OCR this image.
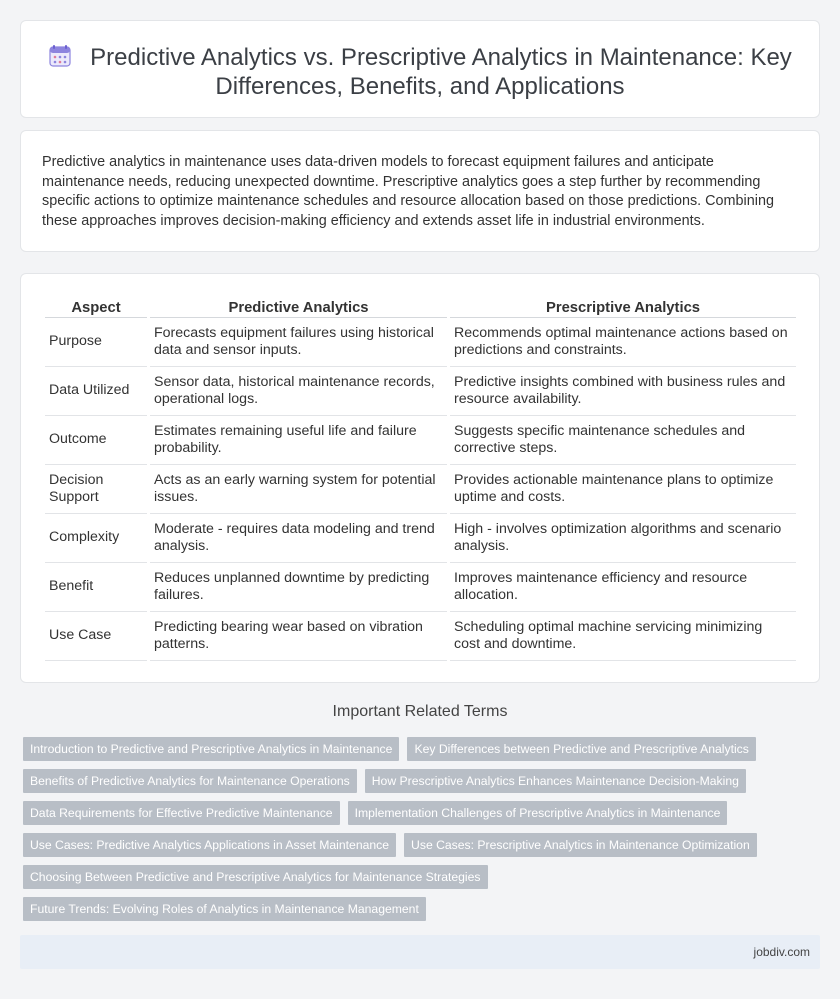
Predictive Analytics vs. Prescriptive Analytics in Maintenance: Key Differences, Benefits, and Applications

Predictive analytics in maintenance uses data-driven models to forecast equipment failures and anticipate maintenance needs, reducing unexpected downtime. Prescriptive analytics goes a step further by recommending specific actions to optimize maintenance schedules and resource allocation based on those predictions. Combining these approaches improves decision-making efficiency and extends asset life in industrial environments.

Aspect	Predictive Analytics	Prescriptive Analytics
Purpose	Forecasts equipment failures using historical data and sensor inputs.	Recommends optimal maintenance actions based on predictions and constraints.
Data Utilized	Sensor data, historical maintenance records, operational logs.	Predictive insights combined with business rules and resource availability.
Outcome	Estimates remaining useful life and failure probability.	Suggests specific maintenance schedules and corrective steps.
Decision Support	Acts as an early warning system for potential issues.	Provides actionable maintenance plans to optimize uptime and costs.
Complexity	Moderate - requires data modeling and trend analysis.	High - involves optimization algorithms and scenario analysis.
Benefit	Reduces unplanned downtime by predicting failures.	Improves maintenance efficiency and resource allocation.
Use Case	Predicting bearing wear based on vibration patterns.	Scheduling optimal machine servicing minimizing cost and downtime.
Important Related Terms
Introduction to Predictive and Prescriptive Analytics in Maintenance Key Differences between Predictive and Prescriptive Analytics
Benefits of Predictive Analytics for Maintenance Operations How Prescriptive Analytics Enhances Maintenance Decision-Making
Data Requirements for Effective Predictive Maintenance Implementation Challenges of Prescriptive Analytics in Maintenance
Use Cases: Predictive Analytics Applications in Asset Maintenance Use Cases: Prescriptive Analytics in Maintenance Optimization
Choosing Between Predictive and Prescriptive Analytics for Maintenance Strategies
Future Trends: Evolving Roles of Analytics in Maintenance Management
jobdiv.com
